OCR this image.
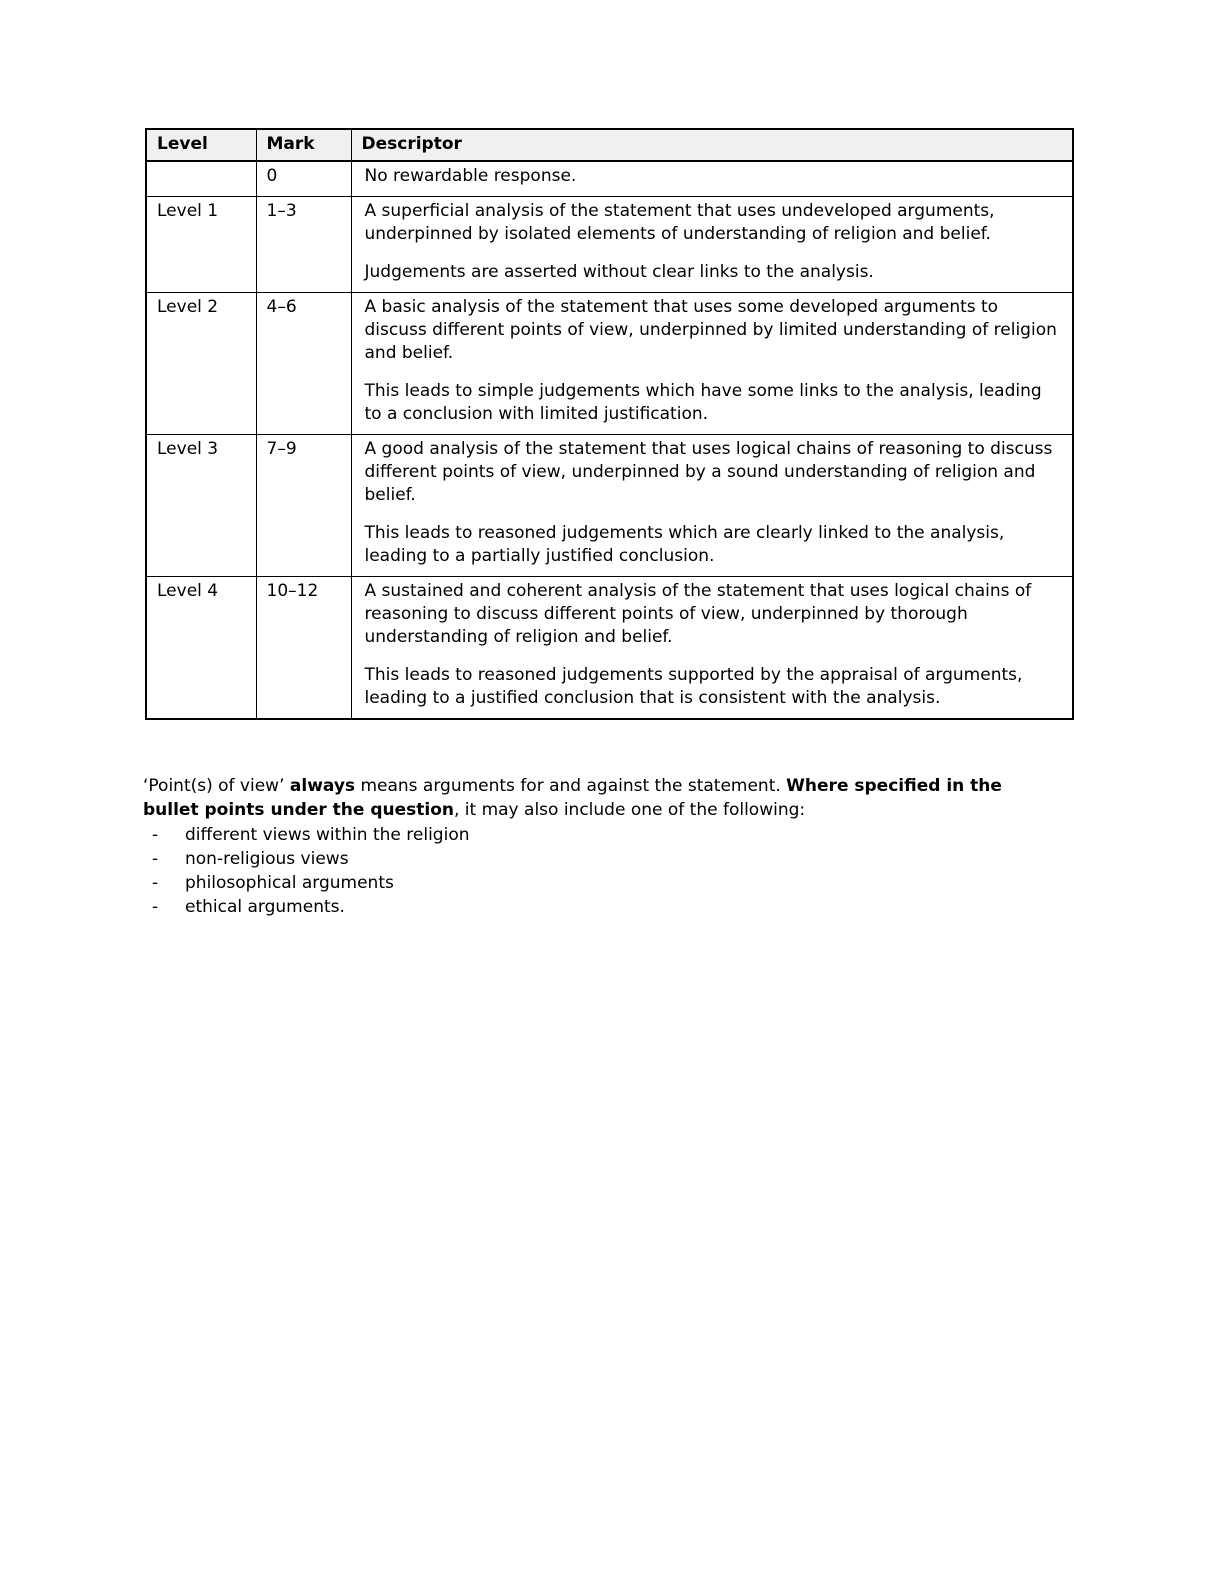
Level	Mark	Descriptor
	0	No rewardable response.

Level 1	1–3	A superficial analysis of the statement that uses undeveloped arguments, underpinned by isolated elements of understanding of religion and belief.

Judgements are asserted without clear links to the analysis.

Level 2	4–6	A basic analysis of the statement that uses some developed arguments to discuss different points of view, underpinned by limited understanding of religion and belief.

This leads to simple judgements which have some links to the analysis, leading to a conclusion with limited justification.

Level 3	7–9	A good analysis of the statement that uses logical chains of reasoning to discuss different points of view, underpinned by a sound understanding of religion and belief.

This leads to reasoned judgements which are clearly linked to the analysis, leading to a partially justified conclusion.

Level 4	10–12	A sustained and coherent analysis of the statement that uses logical chains of reasoning to discuss different points of view, underpinned by thorough understanding of religion and belief.

This leads to reasoned judgements supported by the appraisal of arguments, leading to a justified conclusion that is consistent with the analysis.

‘Point(s) of view’ always means arguments for and against the statement. Where specified in the bullet points under the question, it may also include one of the following:

-	different views within the religion
-	non-religious views
-	philosophical arguments
-	ethical arguments.
